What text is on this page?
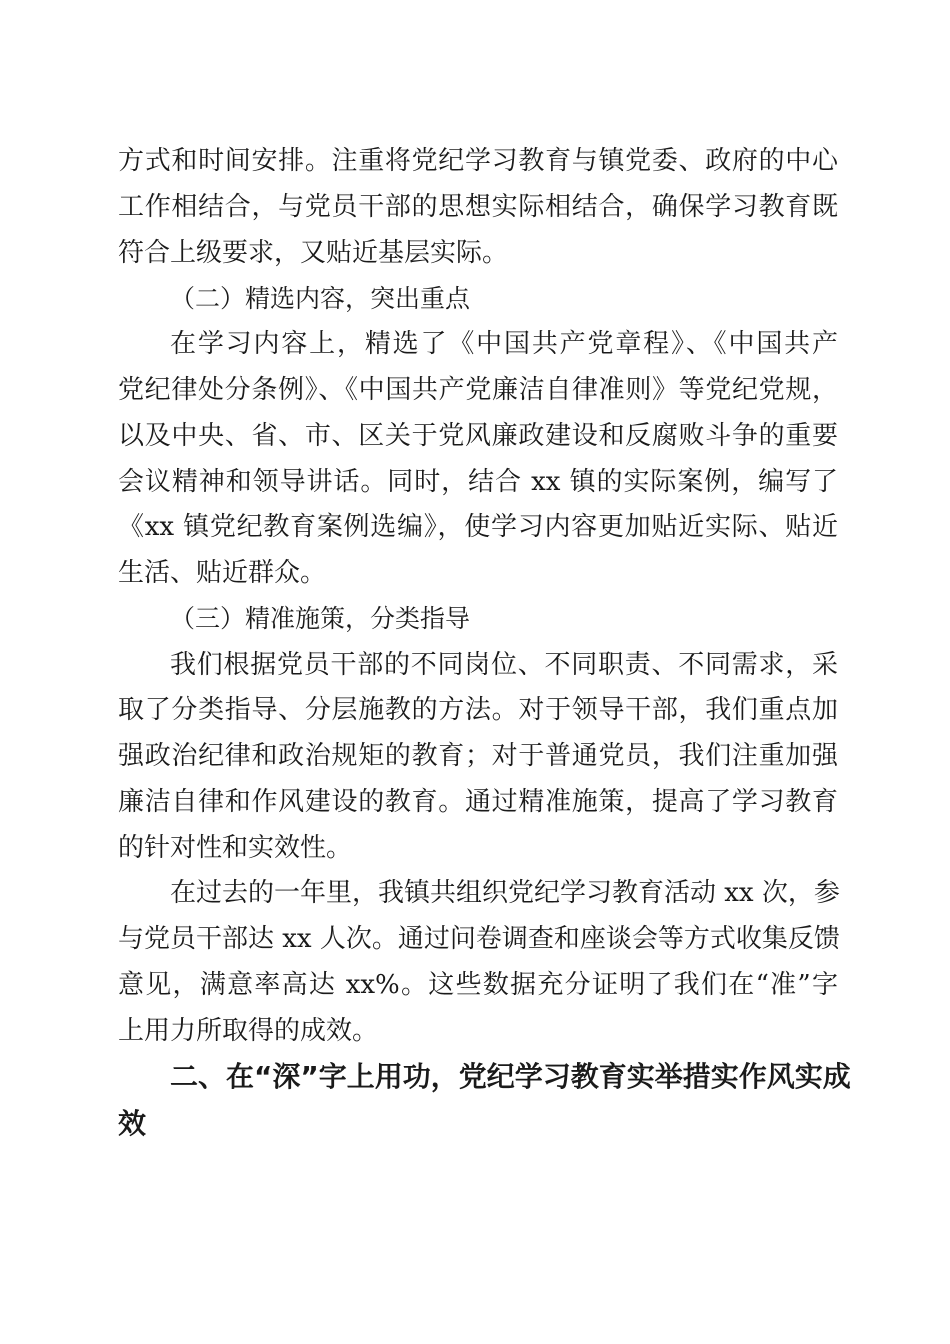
方式和时间安排。注重将党纪学习教育与镇党委、政府的中心
工作相结合，与党员干部的思想实际相结合，确保学习教育既
符合上级要求，又贴近基层实际。
（二）精选内容，突出重点
在学习内容上，精选了《中国共产党章程》、《中国共产
党纪律处分条例》、《中国共产党廉洁自律准则》等党纪党规，
以及中央、省、市、区关于党风廉政建设和反腐败斗争的重要
会议精神和领导讲话。同时，结合 xx 镇的实际案例，编写了
《xx 镇党纪教育案例选编》，使学习内容更加贴近实际、贴近
生活、贴近群众。
（三）精准施策，分类指导
我们根据党员干部的不同岗位、不同职责、不同需求，采
取了分类指导、分层施教的方法。对于领导干部，我们重点加
强政治纪律和政治规矩的教育；对于普通党员，我们注重加强
廉洁自律和作风建设的教育。通过精准施策，提高了学习教育
的针对性和实效性。
在过去的一年里，我镇共组织党纪学习教育活动 xx 次，参
与党员干部达 xx 人次。通过问卷调查和座谈会等方式收集反馈
意见，满意率高达 xx%。这些数据充分证明了我们在“准”字
上用力所取得的成效。
二、在“深”字上用功，党纪学习教育实举措实作风实成
效
